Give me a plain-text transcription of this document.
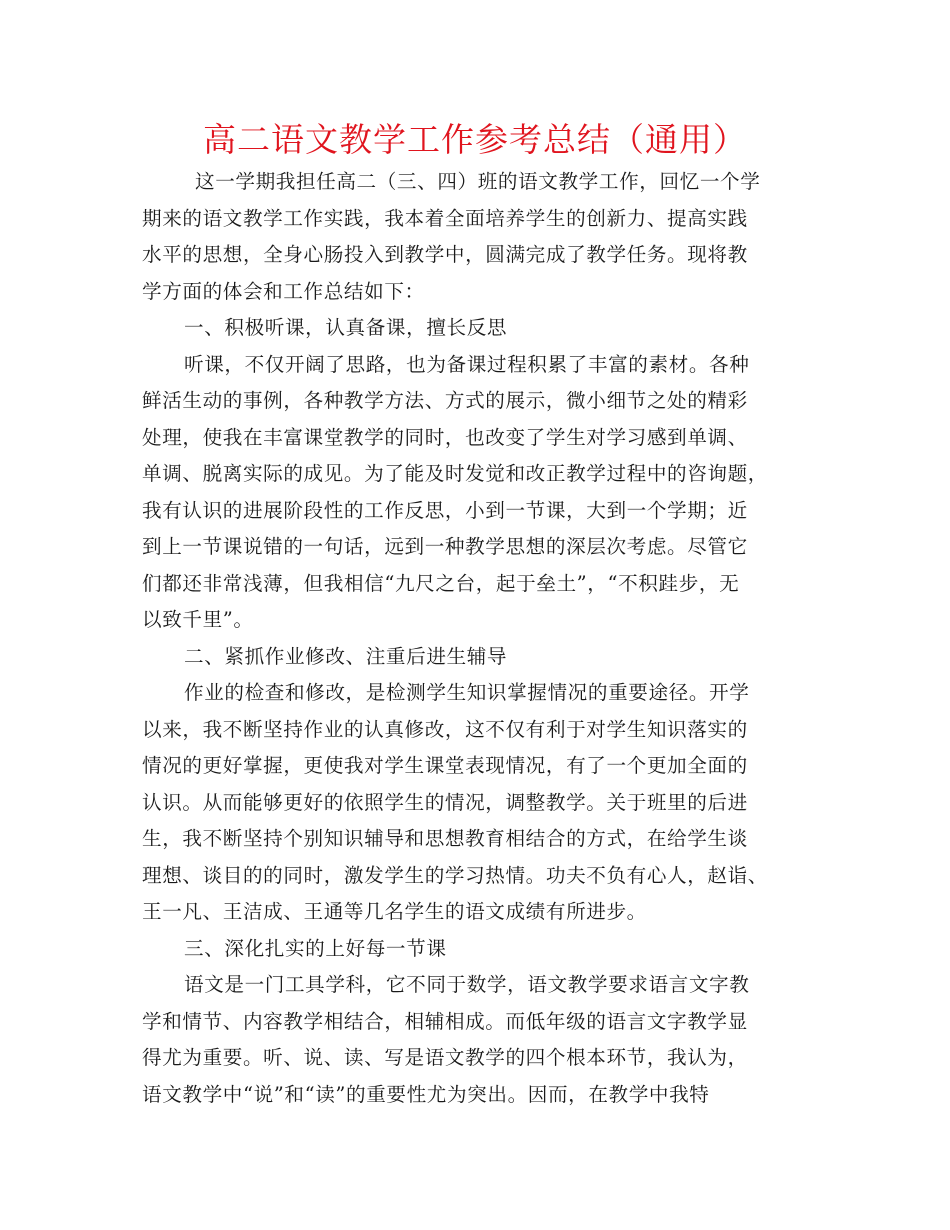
高二语文教学工作参考总结（通用）
这一学期我担任高二（三、四）班的语文教学工作，回忆一个学
期来的语文教学工作实践，我本着全面培养学生的创新力、提高实践
水平的思想，全身心肠投入到教学中，圆满完成了教学任务。现将教
学方面的体会和工作总结如下：
一、积极听课，认真备课，擅长反思
听课，不仅开阔了思路，也为备课过程积累了丰富的素材。各种
鲜活生动的事例，各种教学方法、方式的展示，微小细节之处的精彩
处理，使我在丰富课堂教学的同时，也改变了学生对学习感到单调、
单调、脱离实际的成见。为了能及时发觉和改正教学过程中的咨询题，
我有认识的进展阶段性的工作反思，小到一节课，大到一个学期；近
到上一节课说错的一句话，远到一种教学思想的深层次考虑。尽管它
们都还非常浅薄，但我相信“九尺之台，起于垒土”，“不积跬步，无
以致千里”。
二、紧抓作业修改、注重后进生辅导
作业的检查和修改，是检测学生知识掌握情况的重要途径。开学
以来，我不断坚持作业的认真修改，这不仅有利于对学生知识落实的
情况的更好掌握，更使我对学生课堂表现情况，有了一个更加全面的
认识。从而能够更好的依照学生的情况，调整教学。关于班里的后进
生，我不断坚持个别知识辅导和思想教育相结合的方式，在给学生谈
理想、谈目的的同时，激发学生的学习热情。功夫不负有心人，赵诣、
王一凡、王洁成、王通等几名学生的语文成绩有所进步。
三、深化扎实的上好每一节课
语文是一门工具学科，它不同于数学，语文教学要求语言文字教
学和情节、内容教学相结合，相辅相成。而低年级的语言文字教学显
得尤为重要。听、说、读、写是语文教学的四个根本环节，我认为，
语文教学中“说”和“读”的重要性尤为突出。因而，在教学中我特
